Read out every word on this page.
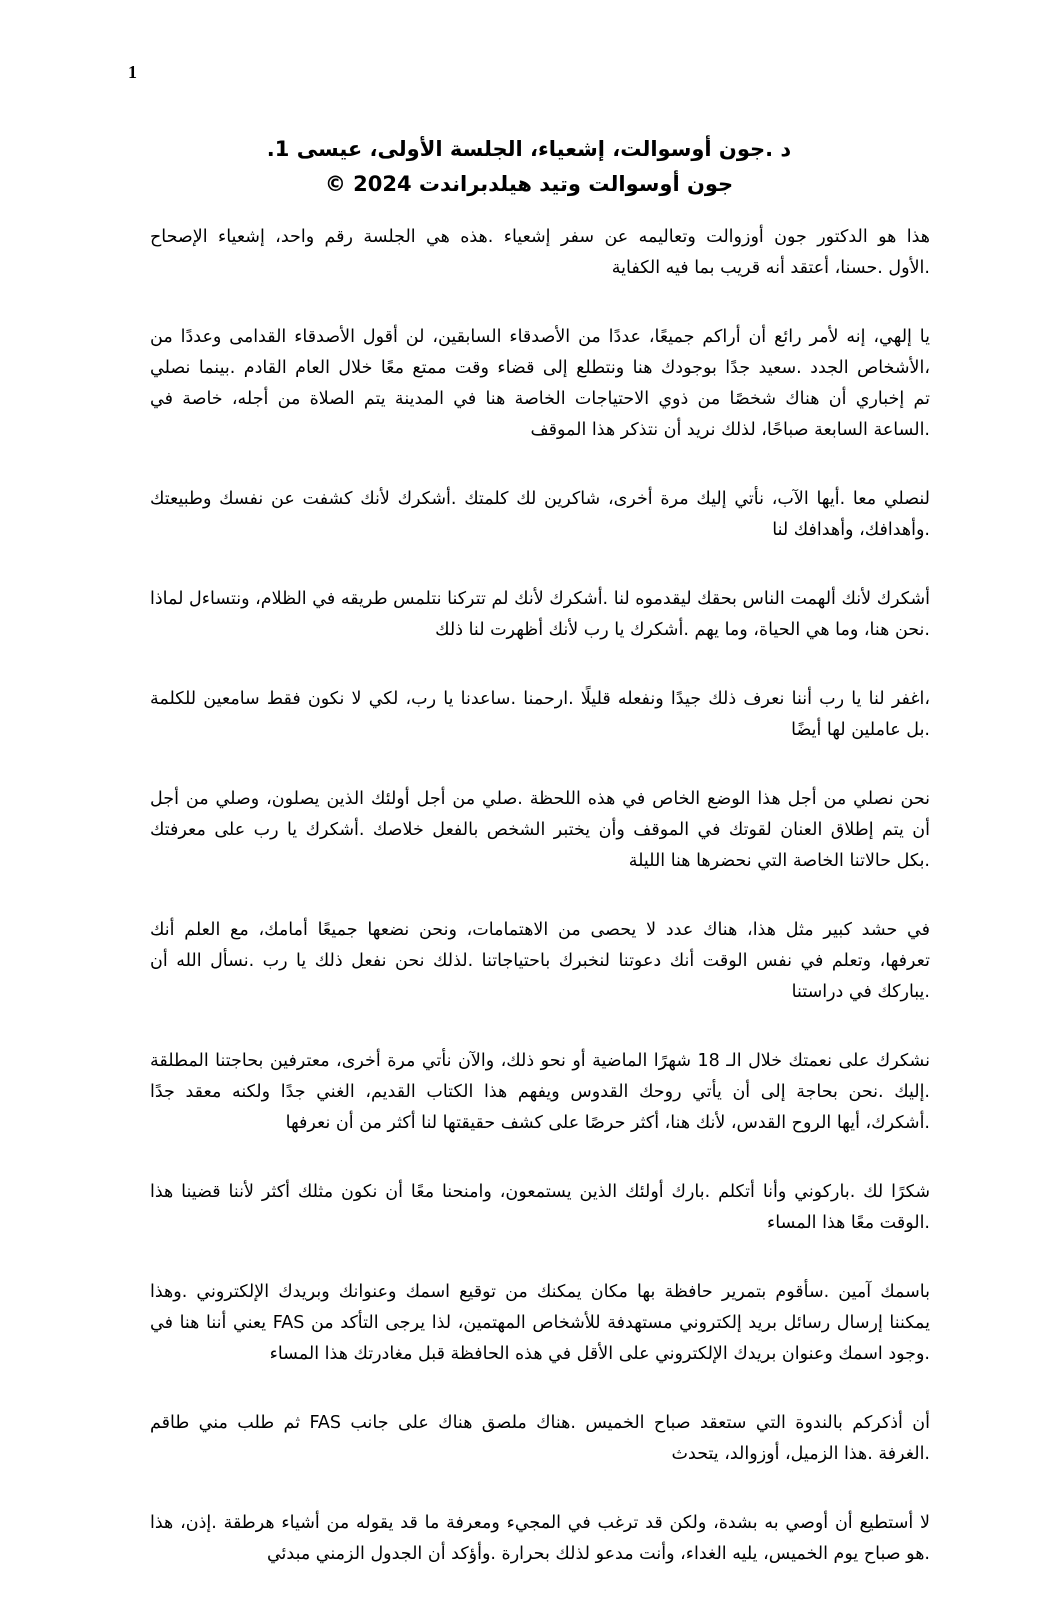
1
د .جون أوسوالت، إشعياء، الجلسة الأولى، عيسى 1.
جون أوسوالت وتيد هيلدبراندت 2024 ©
هذا هو الدكتور جون أوزوالت وتعاليمه عن سفر إشعياء .هذه هي الجلسة رقم واحد، إشعياء الإصحاح
.الأول .حسنا، أعتقد أنه قريب بما فيه الكفاية
يا إلهي، إنه لأمر رائع أن أراكم جميعًا، عددًا من الأصدقاء السابقين، لن أقول الأصدقاء القدامى وعددًا من
،الأشخاص الجدد .سعيد جدًا بوجودك هنا ونتطلع إلى قضاء وقت ممتع معًا خلال العام القادم .بينما نصلي
تم إخباري أن هناك شخصًا من ذوي الاحتياجات الخاصة هنا في المدينة يتم الصلاة من أجله، خاصة في
.الساعة السابعة صباحًا، لذلك نريد أن نتذكر هذا الموقف
لنصلي معا .أيها الآب، نأتي إليك مرة أخرى، شاكرين لك كلمتك .أشكرك لأنك كشفت عن نفسك وطبيعتك
.وأهدافك، وأهدافك لنا
أشكرك لأنك ألهمت الناس بحقك ليقدموه لنا .أشكرك لأنك لم تتركنا نتلمس طريقه في الظلام، ونتساءل لماذا
.نحن هنا، وما هي الحياة، وما يهم .أشكرك يا رب لأنك أظهرت لنا ذلك
،اغفر لنا يا رب أننا نعرف ذلك جيدًا ونفعله قليلًا .ارحمنا .ساعدنا يا رب، لكي لا نكون فقط سامعين للكلمة
.بل عاملين لها أيضًا
نحن نصلي من أجل هذا الوضع الخاص في هذه اللحظة .صلي من أجل أولئك الذين يصلون، وصلي من أجل
أن يتم إطلاق العنان لقوتك في الموقف وأن يختبر الشخص بالفعل خلاصك .أشكرك يا رب على معرفتك
.بكل حالاتنا الخاصة التي نحضرها هنا الليلة
في حشد كبير مثل هذا، هناك عدد لا يحصى من الاهتمامات، ونحن نضعها جميعًا أمامك، مع العلم أنك
تعرفها، وتعلم في نفس الوقت أنك دعوتنا لنخبرك باحتياجاتنا .لذلك نحن نفعل ذلك يا رب .نسأل الله أن
.يباركك في دراستنا
نشكرك على نعمتك خلال الـ 18 شهرًا الماضية أو نحو ذلك، والآن نأتي مرة أخرى، معترفين بحاجتنا المطلقة
.إليك .نحن بحاجة إلى أن يأتي روحك القدوس ويفهم هذا الكتاب القديم، الغني جدًا ولكنه معقد جدًا
.أشكرك، أيها الروح القدس، لأنك هنا، أكثر حرصًا على كشف حقيقتها لنا أكثر من أن نعرفها
شكرًا لك .باركوني وأنا أتكلم .بارك أولئك الذين يستمعون، وامنحنا معًا أن نكون مثلك أكثر لأننا قضينا هذا
.الوقت معًا هذا المساء
باسمك آمين .سأقوم بتمرير حافظة بها مكان يمكنك من توقيع اسمك وعنوانك وبريدك الإلكتروني .وهذا
يمكننا إرسال رسائل بريد إلكتروني مستهدفة للأشخاص المهتمين، لذا يرجى التأكد من FAS يعني أننا هنا في
.وجود اسمك وعنوان بريدك الإلكتروني على الأقل في هذه الحافظة قبل مغادرتك هذا المساء
أن أذكركم بالندوة التي ستعقد صباح الخميس .هناك ملصق هناك على جانب FAS ثم طلب مني طاقم
.الغرفة .هذا الزميل، أوزوالد، يتحدث
لا أستطيع أن أوصي به بشدة، ولكن قد ترغب في المجيء ومعرفة ما قد يقوله من أشياء هرطقة .إذن، هذا
.هو صباح يوم الخميس، يليه الغداء، وأنت مدعو لذلك بحرارة .وأؤكد أن الجدول الزمني مبدئي
